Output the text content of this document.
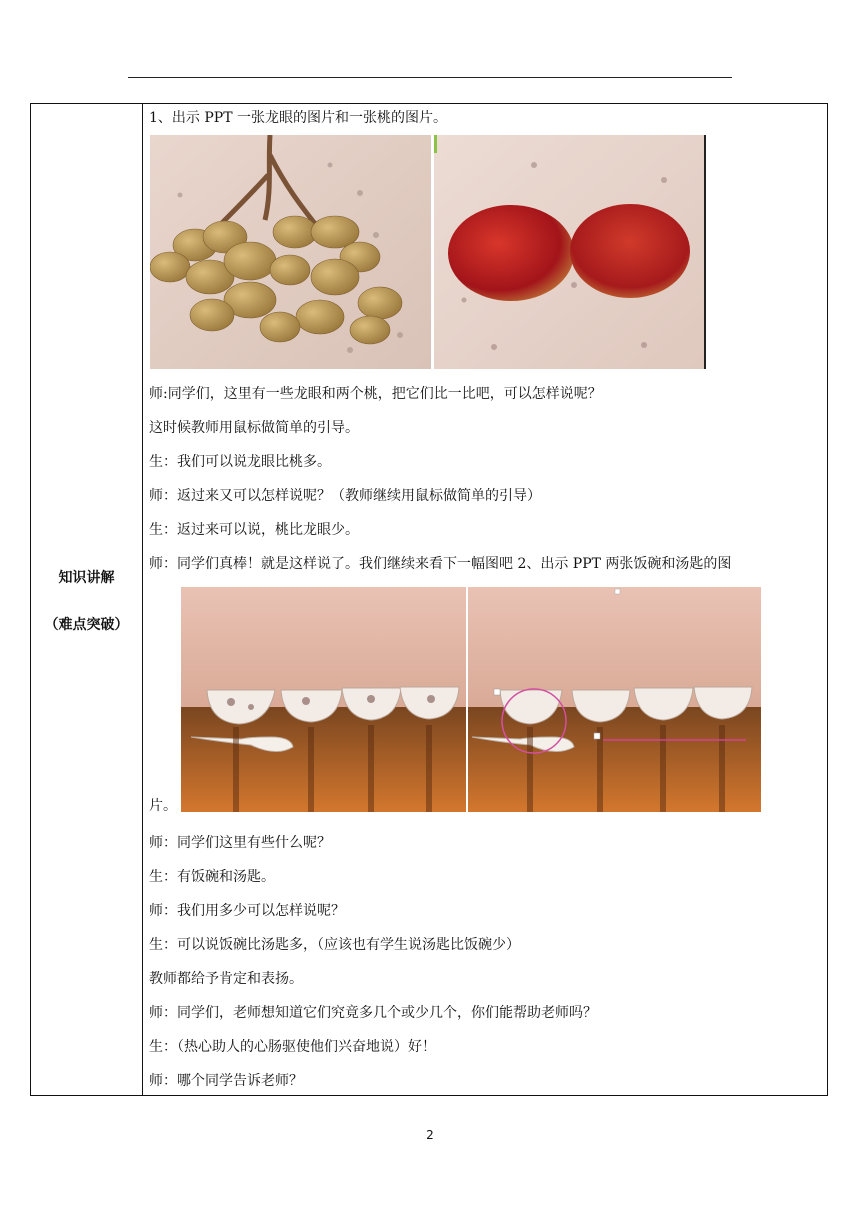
知识讲解
（难点突破）
1、出示 PPT 一张龙眼的图片和一张桃的图片。
师:同学们，这里有一些龙眼和两个桃，把它们比一比吧，可以怎样说呢？
这时候教师用鼠标做简单的引导。
生：我们可以说龙眼比桃多。
师：返过来又可以怎样说呢？（教师继续用鼠标做简单的引导）
生：返过来可以说，桃比龙眼少。
师：同学们真棒！就是这样说了。我们继续来看下一幅图吧 2、出示 PPT 两张饭碗和汤匙的图
片。
师：同学们这里有些什么呢？
生：有饭碗和汤匙。
师：我们用多少可以怎样说呢？
生：可以说饭碗比汤匙多，（应该也有学生说汤匙比饭碗少）
教师都给予肯定和表扬。
师：同学们，老师想知道它们究竟多几个或少几个，你们能帮助老师吗？
生：（热心助人的心肠驱使他们兴奋地说）好！
师：哪个同学告诉老师？
2
